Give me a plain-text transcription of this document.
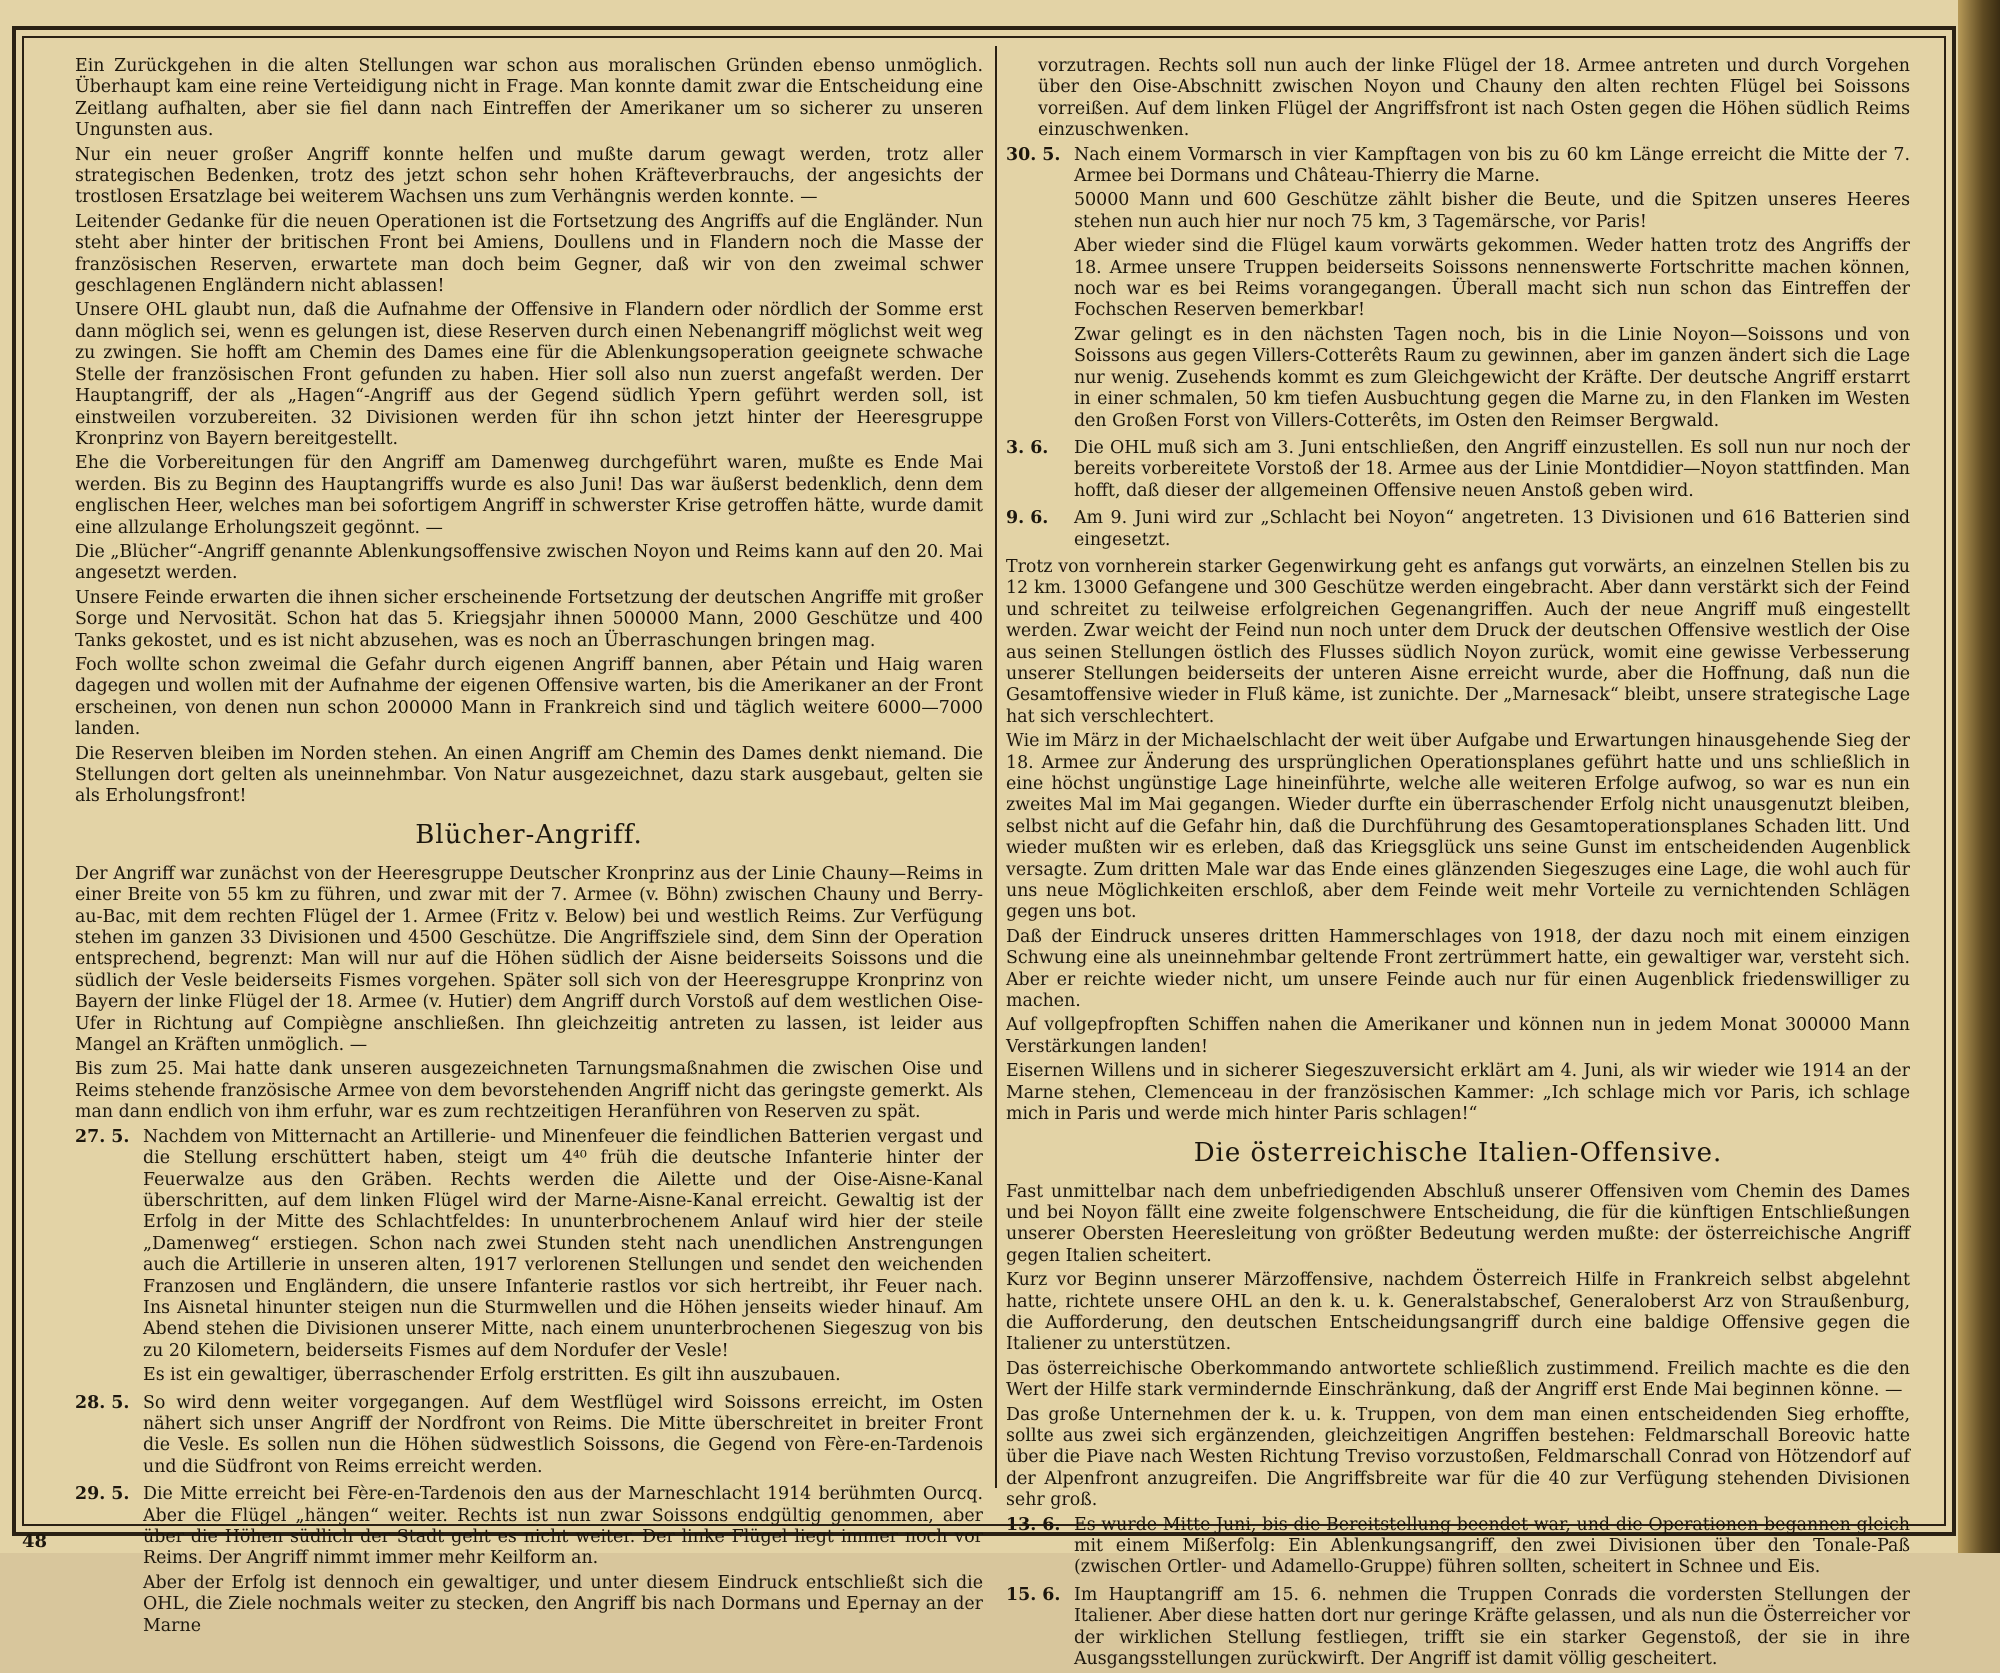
Ein Zurückgehen in die alten Stellungen war schon aus moralischen Gründen ebenso unmöglich. Überhaupt kam eine reine Verteidigung nicht in Frage. Man konnte damit zwar die Entscheidung eine Zeitlang aufhalten, aber sie fiel dann nach Eintreffen der Amerikaner um so sicherer zu unseren Ungunsten aus.

Nur ein neuer großer Angriff konnte helfen und mußte darum gewagt werden, trotz aller strategischen Bedenken, trotz des jetzt schon sehr hohen Kräfteverbrauchs, der angesichts der trostlosen Ersatzlage bei weiterem Wachsen uns zum Verhängnis werden konnte. —

Leitender Gedanke für die neuen Operationen ist die Fortsetzung des Angriffs auf die Engländer. Nun steht aber hinter der britischen Front bei Amiens, Doullens und in Flandern noch die Masse der französischen Reserven, erwartete man doch beim Gegner, daß wir von den zweimal schwer geschlagenen Engländern nicht ablassen!

Unsere OHL glaubt nun, daß die Aufnahme der Offensive in Flandern oder nördlich der Somme erst dann möglich sei, wenn es gelungen ist, diese Reserven durch einen Nebenangriff möglichst weit weg zu zwingen. Sie hofft am Chemin des Dames eine für die Ablenkungsoperation geeignete schwache Stelle der französischen Front gefunden zu haben. Hier soll also nun zuerst angefaßt werden. Der Hauptangriff, der als „Hagen“-Angriff aus der Gegend südlich Ypern geführt werden soll, ist einstweilen vorzubereiten. 32 Divisionen werden für ihn schon jetzt hinter der Heeresgruppe Kronprinz von Bayern bereitgestellt.

Ehe die Vorbereitungen für den Angriff am Damenweg durchgeführt waren, mußte es Ende Mai werden. Bis zu Beginn des Hauptangriffs wurde es also Juni! Das war äußerst bedenklich, denn dem englischen Heer, welches man bei sofortigem Angriff in schwerster Krise getroffen hätte, wurde damit eine allzulange Erholungszeit gegönnt. —

Die „Blücher“-Angriff genannte Ablenkungsoffensive zwischen Noyon und Reims kann auf den 20. Mai angesetzt werden.

Unsere Feinde erwarten die ihnen sicher erscheinende Fortsetzung der deutschen Angriffe mit großer Sorge und Nervosität. Schon hat das 5. Kriegsjahr ihnen 500000 Mann, 2000 Geschütze und 400 Tanks gekostet, und es ist nicht abzusehen, was es noch an Überraschungen bringen mag.

Foch wollte schon zweimal die Gefahr durch eigenen Angriff bannen, aber Pétain und Haig waren dagegen und wollen mit der Aufnahme der eigenen Offensive warten, bis die Amerikaner an der Front erscheinen, von denen nun schon 200000 Mann in Frankreich sind und täglich weitere 6000—7000 landen.

Die Reserven bleiben im Norden stehen. An einen Angriff am Chemin des Dames denkt niemand. Die Stellungen dort gelten als uneinnehmbar. Von Natur ausgezeichnet, dazu stark ausgebaut, gelten sie als Erholungsfront!

Blücher-Angriff.

Der Angriff war zunächst von der Heeresgruppe Deutscher Kronprinz aus der Linie Chauny—Reims in einer Breite von 55 km zu führen, und zwar mit der 7. Armee (v. Böhn) zwischen Chauny und Berry-au-Bac, mit dem rechten Flügel der 1. Armee (Fritz v. Below) bei und westlich Reims. Zur Verfügung stehen im ganzen 33 Divisionen und 4500 Geschütze. Die Angriffsziele sind, dem Sinn der Operation entsprechend, begrenzt: Man will nur auf die Höhen südlich der Aisne beiderseits Soissons und die südlich der Vesle beiderseits Fismes vorgehen. Später soll sich von der Heeresgruppe Kronprinz von Bayern der linke Flügel der 18. Armee (v. Hutier) dem Angriff durch Vorstoß auf dem westlichen Oise-Ufer in Richtung auf Compiègne anschließen. Ihn gleichzeitig antreten zu lassen, ist leider aus Mangel an Kräften unmöglich. —

Bis zum 25. Mai hatte dank unseren ausgezeichneten Tarnungsmaßnahmen die zwischen Oise und Reims stehende französische Armee von dem bevorstehenden Angriff nicht das geringste gemerkt. Als man dann endlich von ihm erfuhr, war es zum rechtzeitigen Heranführen von Reserven zu spät.

27. 5. Nachdem von Mitternacht an Artillerie- und Minenfeuer die feindlichen Batterien vergast und die Stellung erschüttert haben, steigt um 4⁴⁰ früh die deutsche Infanterie hinter der Feuerwalze aus den Gräben. Rechts werden die Ailette und der Oise-Aisne-Kanal überschritten, auf dem linken Flügel wird der Marne-Aisne-Kanal erreicht. Gewaltig ist der Erfolg in der Mitte des Schlachtfeldes: In ununterbrochenem Anlauf wird hier der steile „Damenweg“ erstiegen. Schon nach zwei Stunden steht nach unendlichen Anstrengungen auch die Artillerie in unseren alten, 1917 verlorenen Stellungen und sendet den weichenden Franzosen und Engländern, die unsere Infanterie rastlos vor sich hertreibt, ihr Feuer nach. Ins Aisnetal hinunter steigen nun die Sturmwellen und die Höhen jenseits wieder hinauf. Am Abend stehen die Divisionen unserer Mitte, nach einem ununterbrochenen Siegeszug von bis zu 20 Kilometern, beiderseits Fismes auf dem Nordufer der Vesle!

Es ist ein gewaltiger, überraschender Erfolg erstritten. Es gilt ihn auszubauen.

28. 5. So wird denn weiter vorgegangen. Auf dem Westflügel wird Soissons erreicht, im Osten nähert sich unser Angriff der Nordfront von Reims. Die Mitte überschreitet in breiter Front die Vesle. Es sollen nun die Höhen südwestlich Soissons, die Gegend von Fère-en-Tardenois und die Südfront von Reims erreicht werden.

29. 5. Die Mitte erreicht bei Fère-en-Tardenois den aus der Marneschlacht 1914 berühmten Ourcq. Aber die Flügel „hängen“ weiter. Rechts ist nun zwar Soissons endgültig genommen, aber über die Höhen südlich der Stadt geht es nicht weiter. Der linke Flügel liegt immer noch vor Reims. Der Angriff nimmt immer mehr Keilform an.

Aber der Erfolg ist dennoch ein gewaltiger, und unter diesem Eindruck entschließt sich die OHL, die Ziele nochmals weiter zu stecken, den Angriff bis nach Dormans und Epernay an der Marne

vorzutragen. Rechts soll nun auch der linke Flügel der 18. Armee antreten und durch Vorgehen über den Oise-Abschnitt zwischen Noyon und Chauny den alten rechten Flügel bei Soissons vorreißen. Auf dem linken Flügel der Angriffsfront ist nach Osten gegen die Höhen südlich Reims einzuschwenken.

30. 5. Nach einem Vormarsch in vier Kampftagen von bis zu 60 km Länge erreicht die Mitte der 7. Armee bei Dormans und Château-Thierry die Marne.

50000 Mann und 600 Geschütze zählt bisher die Beute, und die Spitzen unseres Heeres stehen nun auch hier nur noch 75 km, 3 Tagemärsche, vor Paris!

Aber wieder sind die Flügel kaum vorwärts gekommen. Weder hatten trotz des Angriffs der 18. Armee unsere Truppen beiderseits Soissons nennenswerte Fortschritte machen können, noch war es bei Reims vorangegangen. Überall macht sich nun schon das Eintreffen der Fochschen Reserven bemerkbar!

Zwar gelingt es in den nächsten Tagen noch, bis in die Linie Noyon—Soissons und von Soissons aus gegen Villers-Cotterêts Raum zu gewinnen, aber im ganzen ändert sich die Lage nur wenig. Zusehends kommt es zum Gleichgewicht der Kräfte. Der deutsche Angriff erstarrt in einer schmalen, 50 km tiefen Ausbuchtung gegen die Marne zu, in den Flanken im Westen den Großen Forst von Villers-Cotterêts, im Osten den Reimser Bergwald.

3. 6.	Die OHL muß sich am 3. Juni entschließen, den Angriff einzustellen. Es soll nun nur noch der bereits vorbereitete Vorstoß der 18. Armee aus der Linie Montdidier—Noyon stattfinden. Man hofft, daß dieser der allgemeinen Offensive neuen Anstoß geben wird.

9. 6.	Am 9. Juni wird zur „Schlacht bei Noyon“ angetreten. 13 Divisionen und 616 Batterien sind eingesetzt.

Trotz von vornherein starker Gegenwirkung geht es anfangs gut vorwärts, an einzelnen Stellen bis zu 12 km. 13000 Gefangene und 300 Geschütze werden eingebracht. Aber dann verstärkt sich der Feind und schreitet zu teilweise erfolgreichen Gegenangriffen. Auch der neue Angriff muß eingestellt werden. Zwar weicht der Feind nun noch unter dem Druck der deutschen Offensive westlich der Oise aus seinen Stellungen östlich des Flusses südlich Noyon zurück, womit eine gewisse Verbesserung unserer Stellungen beiderseits der unteren Aisne erreicht wurde, aber die Hoffnung, daß nun die Gesamtoffensive wieder in Fluß käme, ist zunichte. Der „Marnesack“ bleibt, unsere strategische Lage hat sich verschlechtert.

Wie im März in der Michaelschlacht der weit über Aufgabe und Erwartungen hinausgehende Sieg der 18. Armee zur Änderung des ursprünglichen Operationsplanes geführt hatte und uns schließlich in eine höchst ungünstige Lage hineinführte, welche alle weiteren Erfolge aufwog, so war es nun ein zweites Mal im Mai gegangen. Wieder durfte ein überraschender Erfolg nicht unausgenutzt bleiben, selbst nicht auf die Gefahr hin, daß die Durchführung des Gesamtoperationsplanes Schaden litt. Und wieder mußten wir es erleben, daß das Kriegsglück uns seine Gunst im entscheidenden Augenblick versagte. Zum dritten Male war das Ende eines glänzenden Siegeszuges eine Lage, die wohl auch für uns neue Möglichkeiten erschloß, aber dem Feinde weit mehr Vorteile zu vernichtenden Schlägen gegen uns bot.

Daß der Eindruck unseres dritten Hammerschlages von 1918, der dazu noch mit einem einzigen Schwung eine als uneinnehmbar geltende Front zertrümmert hatte, ein gewaltiger war, versteht sich. Aber er reichte wieder nicht, um unsere Feinde auch nur für einen Augenblick friedenswilliger zu machen.

Auf vollgepfropften Schiffen nahen die Amerikaner und können nun in jedem Monat 300000 Mann Verstärkungen landen!

Eisernen Willens und in sicherer Siegeszuversicht erklärt am 4. Juni, als wir wieder wie 1914 an der Marne stehen, Clemenceau in der französischen Kammer: „Ich schlage mich vor Paris, ich schlage mich in Paris und werde mich hinter Paris schlagen!“

Die österreichische Italien-Offensive.

Fast unmittelbar nach dem unbefriedigenden Abschluß unserer Offensiven vom Chemin des Dames und bei Noyon fällt eine zweite folgenschwere Entscheidung, die für die künftigen Entschließungen unserer Obersten Heeresleitung von größter Bedeutung werden mußte: der österreichische Angriff gegen Italien scheitert.

Kurz vor Beginn unserer Märzoffensive, nachdem Österreich Hilfe in Frankreich selbst abgelehnt hatte, richtete unsere OHL an den k. u. k. Generalstabschef, Generaloberst Arz von Straußenburg, die Aufforderung, den deutschen Entscheidungsangriff durch eine baldige Offensive gegen die Italiener zu unterstützen.

Das österreichische Oberkommando antwortete schließlich zustimmend. Freilich machte es die den Wert der Hilfe stark vermindernde Einschränkung, daß der Angriff erst Ende Mai beginnen könne. —

Das große Unternehmen der k. u. k. Truppen, von dem man einen entscheidenden Sieg erhoffte, sollte aus zwei sich ergänzenden, gleichzeitigen Angriffen bestehen: Feldmarschall Boreovic hatte über die Piave nach Westen Richtung Treviso vorzustoßen, Feldmarschall Conrad von Hötzendorf auf der Alpenfront anzugreifen. Die Angriffsbreite war für die 40 zur Verfügung stehenden Divisionen sehr groß.

13. 6. Es wurde Mitte Juni, bis die Bereitstellung beendet war, und die Operationen begannen gleich mit einem Mißerfolg: Ein Ablenkungsangriff, den zwei Divisionen über den Tonale-Paß (zwischen Ortler- und Adamello-Gruppe) führen sollten, scheitert in Schnee und Eis.

15. 6. Im Hauptangriff am 15. 6. nehmen die Truppen Conrads die vordersten Stellungen der Italiener. Aber diese hatten dort nur geringe Kräfte gelassen, und als nun die Österreicher vor der wirklichen Stellung festliegen, trifft sie ein starker Gegenstoß, der sie in ihre Ausgangsstellungen zurückwirft. Der Angriff ist damit völlig gescheitert.

48
